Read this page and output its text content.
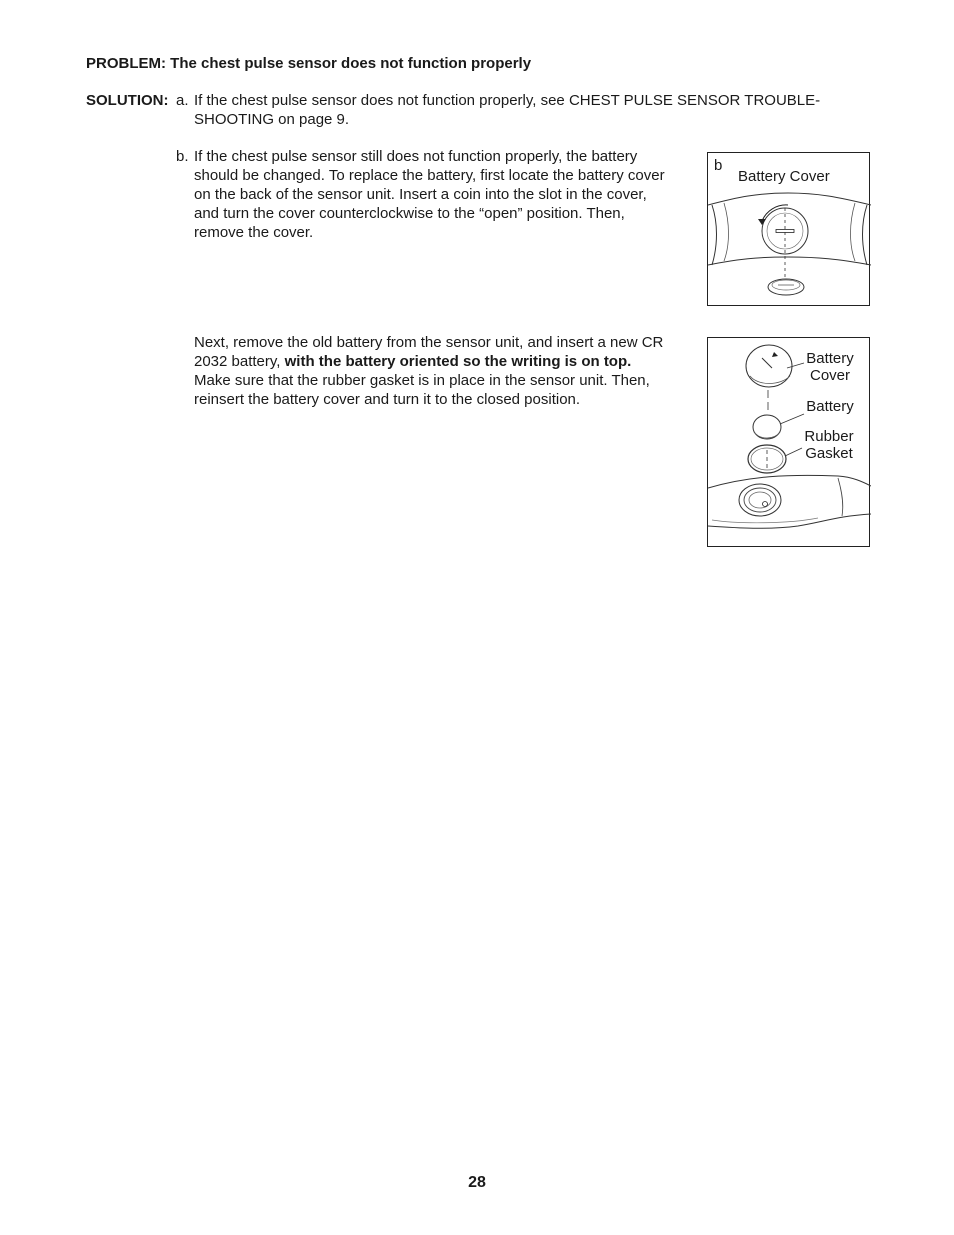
PROBLEM: The chest pulse sensor does not function properly
SOLUTION: a. If the chest pulse sensor does not function properly, see CHEST PULSE SENSOR TROUBLE-SHOOTING on page 9.
b. If the chest pulse sensor still does not function properly, the battery should be changed. To replace the battery, first locate the battery cover on the back of the sensor unit. Insert a coin into the slot in the cover, and turn the cover counterclockwise to the “open” position. Then, remove the cover.
Next, remove the old battery from the sensor unit, and insert a new CR 2032 battery, with the battery oriented so the writing is on top. Make sure that the rubber gasket is in place in the sensor unit. Then, reinsert the battery cover and turn it to the closed position.
b
Battery Cover
Battery
Cover
Battery
Rubber
Gasket
28
